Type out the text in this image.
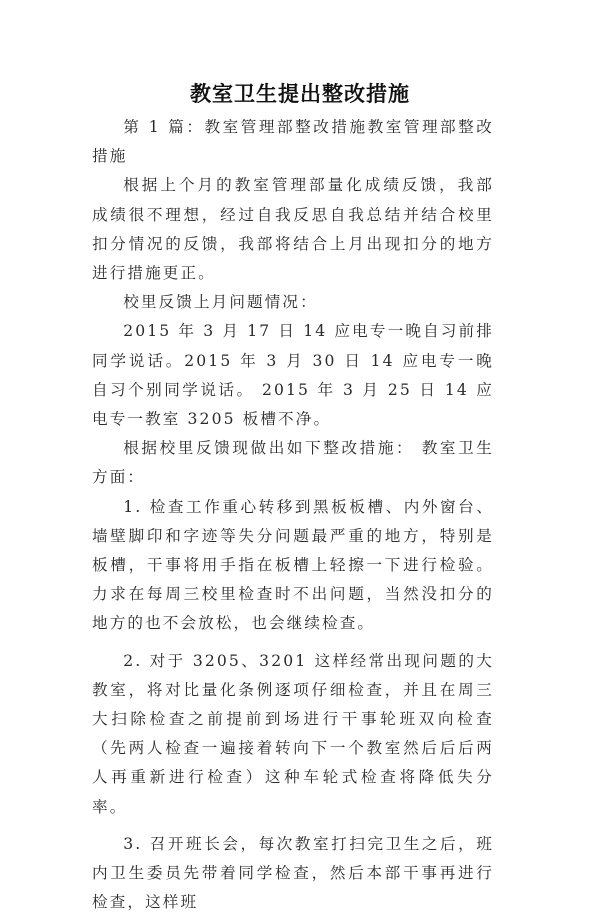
教室卫生提出整改措施

第 1 篇：教室管理部整改措施教室管理部整改措施

根据上个月的教室管理部量化成绩反馈，我部成绩很不理想，经过自我反思自我总结并结合校里扣分情况的反馈，我部将结合上月出现扣分的地方进行措施更正。

校里反馈上月问题情况：

2015 年 3 月 17 日 14 应电专一晚自习前排同学说话。2015 年 3 月 30 日 14 应电专一晚自习个别同学说话。 2015 年 3 月 25 日 14 应电专一教室 3205 板槽不净。

根据校里反馈现做出如下整改措施： 教室卫生方面：

1. 检查工作重心转移到黑板板槽、内外窗台、墙壁脚印和字迹等失分问题最严重的地方，特别是板槽，干事将用手指在板槽上轻擦一下进行检验。力求在每周三校里检查时不出问题，当然没扣分的地方的也不会放松，也会继续检查。

2. 对于 3205、3201 这样经常出现问题的大教室，将对比量化条例逐项仔细检查，并且在周三大扫除检查之前提前到场进行干事轮班双向检查（先两人检查一遍接着转向下一个教室然后后后两人再重新进行检查）这种车轮式检查将降低失分率。

3. 召开班长会，每次教室打扫完卫生之后，班内卫生委员先带着同学检查，然后本部干事再进行检查，这样班
